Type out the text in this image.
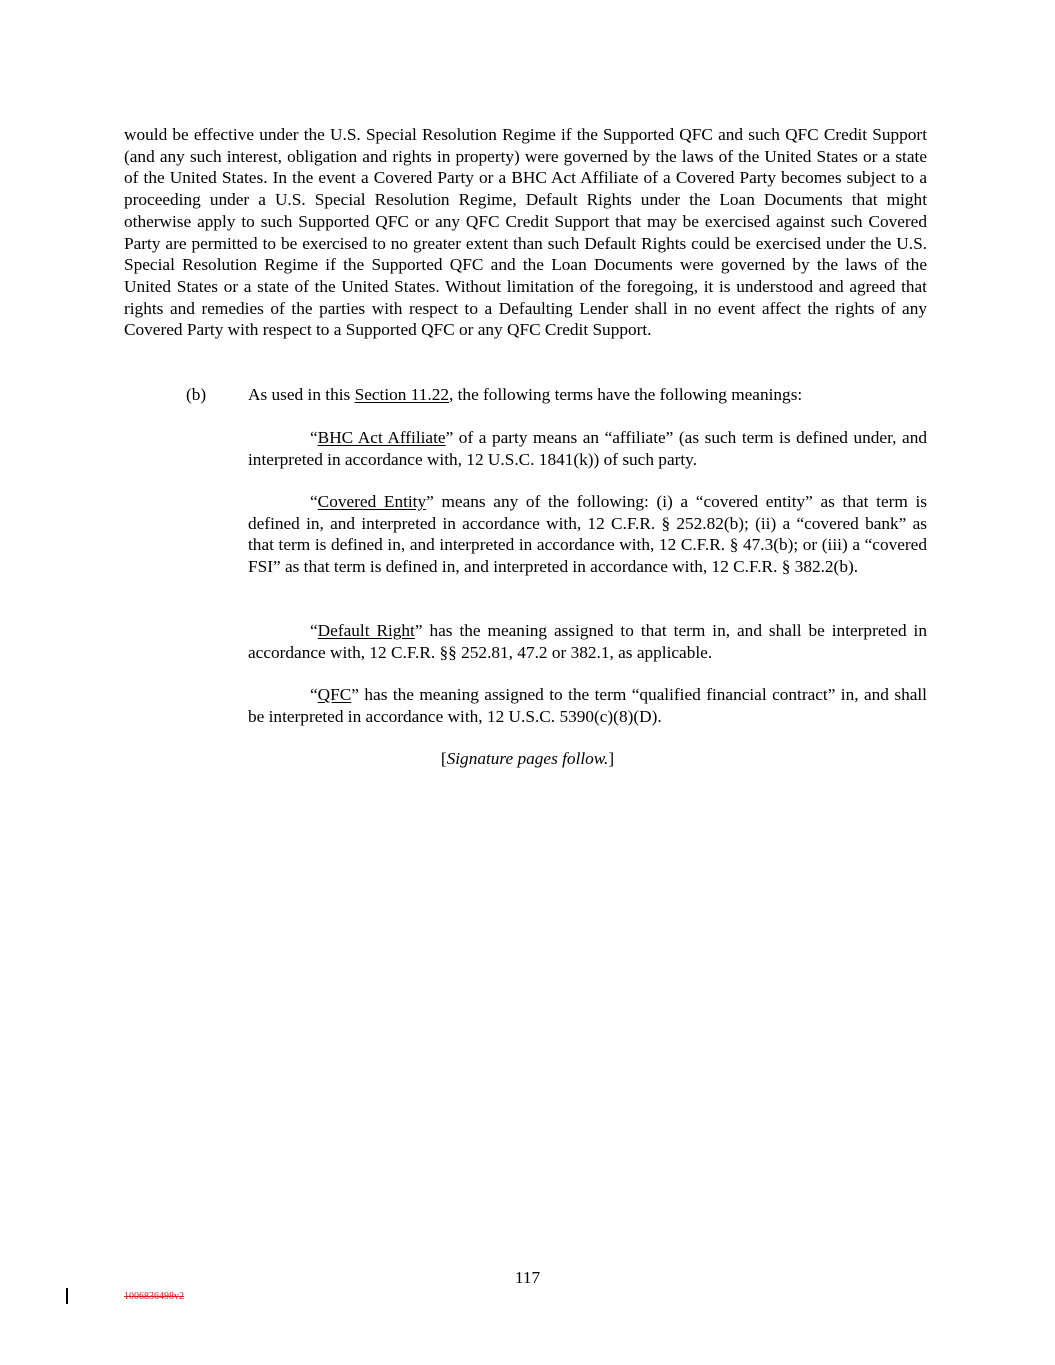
would be effective under the U.S. Special Resolution Regime if the Supported QFC and such QFC Credit Support (and any such interest, obligation and rights in property) were governed by the laws of the United States or a state of the United States. In the event a Covered Party or a BHC Act Affiliate of a Covered Party becomes subject to a proceeding under a U.S. Special Resolution Regime, Default Rights under the Loan Documents that might otherwise apply to such Supported QFC or any QFC Credit Support that may be exercised against such Covered Party are permitted to be exercised to no greater extent than such Default Rights could be exercised under the U.S. Special Resolution Regime if the Supported QFC and the Loan Documents were governed by the laws of the United States or a state of the United States. Without limitation of the foregoing, it is understood and agreed that rights and remedies of the parties with respect to a Defaulting Lender shall in no event affect the rights of any Covered Party with respect to a Supported QFC or any QFC Credit Support.

(b) As used in this Section 11.22, the following terms have the following meanings:

“BHC Act Affiliate” of a party means an “affiliate” (as such term is defined under, and interpreted in accordance with, 12 U.S.C. 1841(k)) of such party.

“Covered Entity” means any of the following: (i) a “covered entity” as that term is defined in, and interpreted in accordance with, 12 C.F.R. § 252.82(b); (ii) a “covered bank” as that term is defined in, and interpreted in accordance with, 12 C.F.R. § 47.3(b); or (iii) a “covered FSI” as that term is defined in, and interpreted in accordance with, 12 C.F.R. § 382.2(b).

“Default Right” has the meaning assigned to that term in, and shall be interpreted in accordance with, 12 C.F.R. §§ 252.81, 47.2 or 382.1, as applicable.

“QFC” has the meaning assigned to the term “qualified financial contract” in, and shall be interpreted in accordance with, 12 U.S.C. 5390(c)(8)(D).

[Signature pages follow.]

117
1006836498v2
